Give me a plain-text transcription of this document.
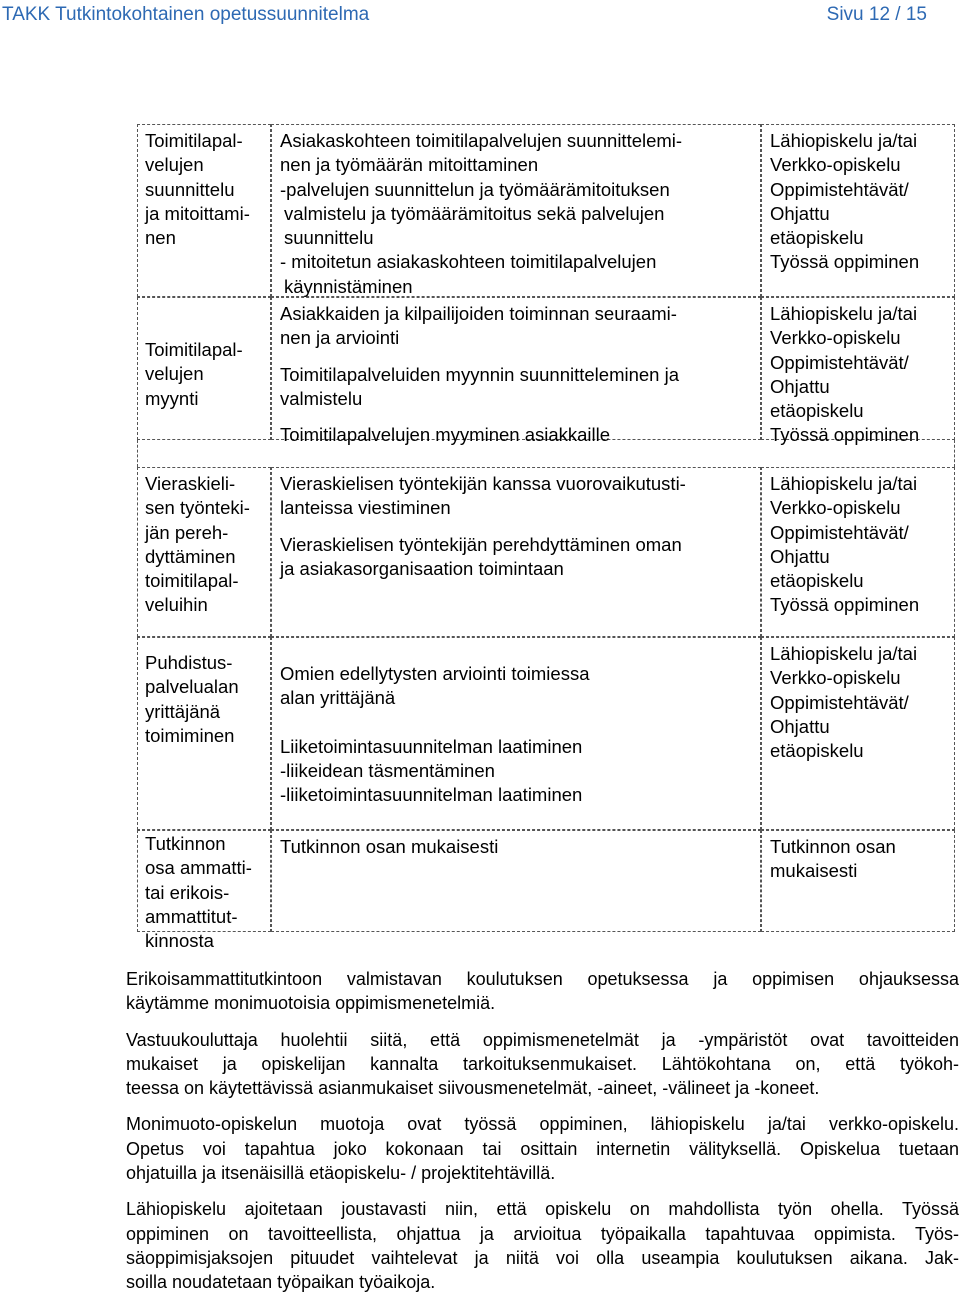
TAKK Tutkintokohtainen opetussuunnitelma	Sivu 12 / 15
Toimitilapal-
velujen
suunnittelu
ja mitoittami-
nen
Asiakaskohteen toimitilapalvelujen suunnittelemi-
nen ja työmäärän mitoittaminen
-palvelujen suunnittelun ja työmäärämitoituksen
valmistelu ja työmäärämitoitus sekä palvelujen
suunnittelu
- mitoitetun asiakaskohteen toimitilapalvelujen
käynnistäminen
Lähiopiskelu ja/tai
Verkko-opiskelu
Oppimistehtävät/
Ohjattu
etäopiskelu
Työssä oppiminen
Toimitilapal-
velujen
myynti
Asiakkaiden ja kilpailijoiden toiminnan seuraami-
nen ja arviointi
Toimitilapalveluiden myynnin suunnitteleminen ja
valmistelu
Toimitilapalvelujen myyminen asiakkaille
Lähiopiskelu ja/tai
Verkko-opiskelu
Oppimistehtävät/
Ohjattu
etäopiskelu
Työssä oppiminen
Vieraskieli-
sen työnteki-
jän pereh-
dyttäminen
toimitilapal-
veluihin
Vieraskielisen työntekijän kanssa vuorovaikutusti-
lanteissa viestiminen
Vieraskielisen työntekijän perehdyttäminen oman
ja asiakasorganisaation toimintaan
Lähiopiskelu ja/tai
Verkko-opiskelu
Oppimistehtävät/
Ohjattu
etäopiskelu
Työssä oppiminen
Puhdistus-
palvelualan
yrittäjänä
toimiminen
Omien edellytysten arviointi toimiessa
alan yrittäjänä
Liiketoimintasuunnitelman laatiminen
-liikeidean täsmentäminen
-liiketoimintasuunnitelman laatiminen
Lähiopiskelu ja/tai
Verkko-opiskelu
Oppimistehtävät/
Ohjattu
etäopiskelu
Tutkinnon
osa ammatti-
tai erikois-
ammattitut-
kinnosta
Tutkinnon osan mukaisesti	Tutkinnon osan
mukaisesti

Erikoisammattitutkintoon valmistavan koulutuksen opetuksessa ja oppimisen ohjauksessa
käytämme monimuotoisia oppimismenetelmiä.

Vastuukouluttaja huolehtii siitä, että oppimismenetelmät ja -ympäristöt ovat tavoitteiden
mukaiset ja opiskelijan kannalta tarkoituksenmukaiset. Lähtökohtana on, että työkoh-
teessa on käytettävissä asianmukaiset siivousmenetelmät, -aineet, -välineet ja -koneet.

Monimuoto-opiskelun muotoja ovat työssä oppiminen, lähiopiskelu ja/tai verkko-opiskelu.
Opetus voi tapahtua joko kokonaan tai osittain internetin välityksellä. Opiskelua tuetaan
ohjatuilla ja itsenäisillä etäopiskelu- / projektitehtävillä.

Lähiopiskelu ajoitetaan joustavasti niin, että opiskelu on mahdollista työn ohella. Työssä
oppiminen on tavoitteellista, ohjattua ja arvioitua työpaikalla tapahtuvaa oppimista. Työs-
säoppimisjaksojen pituudet vaihtelevat ja niitä voi olla useampia koulutuksen aikana. Jak-
soilla noudatetaan työpaikan työaikoja.
